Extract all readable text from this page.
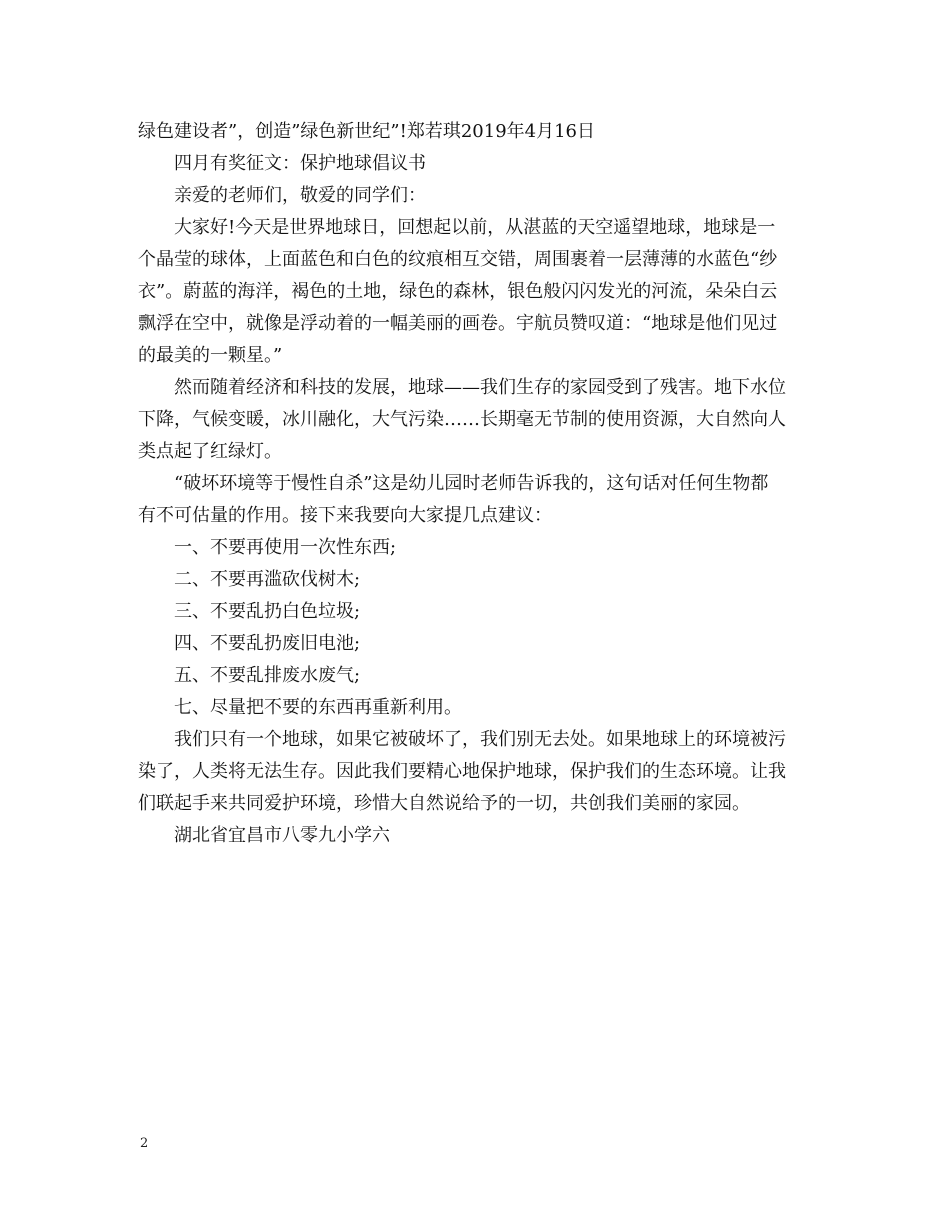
绿色建设者”，创造”绿色新世纪”!郑若琪2019年4月16日

四月有奖征文：保护地球倡议书

亲爱的老师们，敬爱的同学们：

大家好!今天是世界地球日，回想起以前，从湛蓝的天空遥望地球，地球是一

个晶莹的球体，上面蓝色和白色的纹痕相互交错，周围裹着一层薄薄的水蓝色“纱

衣”。蔚蓝的海洋，褐色的土地，绿色的森林，银色般闪闪发光的河流，朵朵白云

飘浮在空中，就像是浮动着的一幅美丽的画卷。宇航员赞叹道：“地球是他们见过

的最美的一颗星。”

然而随着经济和科技的发展，地球——我们生存的家园受到了残害。地下水位

下降，气候变暖，冰川融化，大气污染……长期毫无节制的使用资源，大自然向人

类点起了红绿灯。

“破坏环境等于慢性自杀”这是幼儿园时老师告诉我的，这句话对任何生物都

有不可估量的作用。接下来我要向大家提几点建议：

一、不要再使用一次性东西;

二、不要再滥砍伐树木;

三、不要乱扔白色垃圾;

四、不要乱扔废旧电池;

五、不要乱排废水废气;

七、尽量把不要的东西再重新利用。

我们只有一个地球，如果它被破坏了，我们别无去处。如果地球上的环境被污

染了，人类将无法生存。因此我们要精心地保护地球，保护我们的生态环境。让我

们联起手来共同爱护环境，珍惜大自然说给予的一切，共创我们美丽的家园。

湖北省宜昌市八零九小学六

2
